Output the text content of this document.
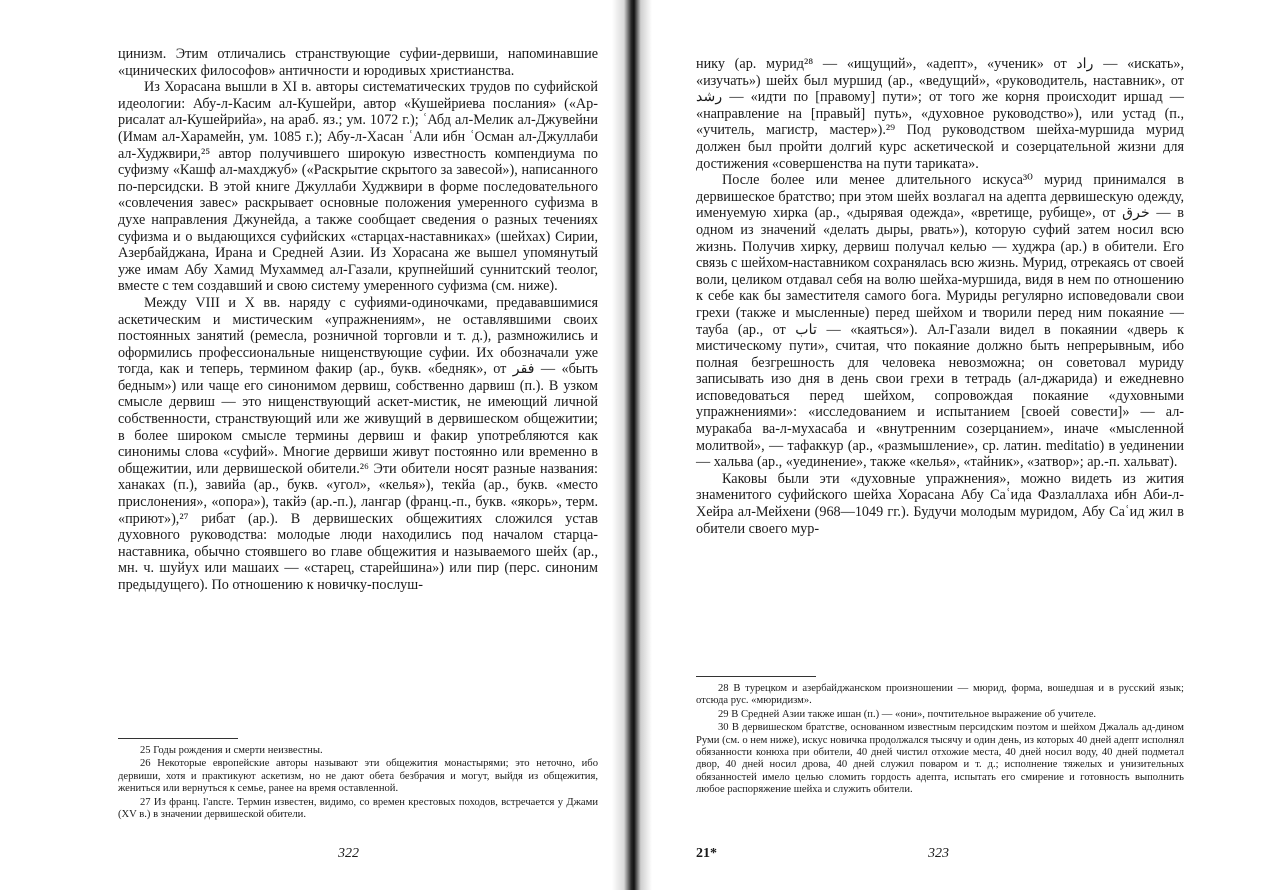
цинизм. Этим отличались странствующие суфии-дервиши, напоминавшие «цинических философов» античности и юродивых христианства.

Из Хорасана вышли в XI в. авторы систематических трудов по суфийской идеологии: Абу-л-Касим ал-Кушейри, автор «Кушейриева послания» («Ар-рисалат ал-Кушейрийа», на араб. яз.; ум. 1072 г.); ʿАбд ал-Мелик ал-Джувейни (Имам ал-Харамейн, ум. 1085 г.); Абу-л-Хасан ʿАли ибн ʿОсман ал-Джуллаби ал-Худжвири,²⁵ автор получившего широкую известность компендиума по суфизму «Кашф ал-махджуб» («Раскрытие скрытого за завесой»), написанного по-персидски. В этой книге Джуллаби Худжвири в форме последовательного «совлечения завес» раскрывает основные положения умеренного суфизма в духе направления Джунейда, а также сообщает сведения о разных течениях суфизма и о выдающихся суфийских «старцах-наставниках» (шейхах) Сирии, Азербайджана, Ирана и Средней Азии. Из Хорасана же вышел упомянутый уже имам Абу Хамид Мухаммед ал-Газали, крупнейший суннитский теолог, вместе с тем создавший и свою систему умеренного суфизма (см. ниже).

Между VIII и X вв. наряду с суфиями-одиночками, предававшимися аскетическим и мистическим «упражнениям», не оставлявшими своих постоянных занятий (ремесла, розничной торговли и т. д.), размножились и оформились профессиональные нищенствующие суфии. Их обозначали уже тогда, как и теперь, термином факир (ар., букв. «бедняк», от فقر — «быть бедным») или чаще его синонимом дервиш, собственно дарвиш (п.). В узком смысле дервиш — это нищенствующий аскет-мистик, не имеющий личной собственности, странствующий или же живущий в дервишеском общежитии; в более широком смысле термины дервиш и факир употребляются как синонимы слова «суфий». Многие дервиши живут постоянно или временно в общежитии, или дервишеской обители.²⁶ Эти обители носят разные названия: ханаках (п.), завийа (ар., букв. «угол», «келья»), текйа (ар., букв. «место прислонения», «опора»), такйэ (ар.-п.), лангар (франц.-п., букв. «якорь», терм. «приют»),²⁷ рибат (ар.). В дервишеских общежитиях сложился устав духовного руководства: молодые люди находились под началом старца-наставника, обычно стоявшего во главе общежития и называемого шейх (ар., мн. ч. шуйух или машаих — «старец, старейшина») или пир (перс. синоним предыдущего). По отношению к новичку-послуш-

25 Годы рождения и смерти неизвестны.

26 Некоторые европейские авторы называют эти общежития монастырями; это неточно, ибо дервиши, хотя и практикуют аскетизм, но не дают обета безбрачия и могут, выйдя из общежития, жениться или вернуться к семье, ранее на время оставленной.

27 Из франц. l'ancre. Термин известен, видимо, со времен крестовых походов, встречается у Джами (XV в.) в значении дервишеской обители.

322

нику (ар. мурид²⁸ — «ищущий», «адепт», «ученик» от راد — «искать», «изучать») шейх был муршид (ар., «ведущий», «руководитель, наставник», от رشد — «идти по [правому] пути»; от того же корня происходит иршад — «направление на [правый] путь», «духовное руководство»), или устад (п., «учитель, магистр, мастер»).²⁹ Под руководством шейха-муршида мурид должен был пройти долгий курс аскетической и созерцательной жизни для достижения «совершенства на пути тариката».

После более или менее длительного искуса³⁰ мурид принимался в дервишеское братство; при этом шейх возлагал на адепта дервишескую одежду, именуемую хирка (ар., «дырявая одежда», «вретище, рубище», от خرق — в одном из значений «делать дыры, рвать»), которую суфий затем носил всю жизнь. Получив хирку, дервиш получал келью — худжра (ар.) в обители. Его связь с шейхом-наставником сохранялась всю жизнь. Мурид, отрекаясь от своей воли, целиком отдавал себя на волю шейха-муршида, видя в нем по отношению к себе как бы заместителя самого бога. Муриды регулярно исповедовали свои грехи (также и мысленные) перед шейхом и творили перед ним покаяние — тауба (ар., от تاب — «каяться»). Ал-Газали видел в покаянии «дверь к мистическому пути», считая, что покаяние должно быть непрерывным, ибо полная безгрешность для человека невозможна; он советовал муриду записывать изо дня в день свои грехи в тетрадь (ал-джарида) и ежедневно исповедоваться перед шейхом, сопровождая покаяние «духовными упражнениями»: «исследованием и испытанием [своей совести]» — ал-муракаба ва-л-мухасаба и «внутренним созерцанием», иначе «мысленной молитвой», — тафаккур (ар., «размышление», ср. латин. meditatio) в уединении — хальва (ар., «уединение», также «келья», «тайник», «затвор»; ар.-п. хальват).

Каковы были эти «духовные упражнения», можно видеть из жития знаменитого суфийского шейха Хорасана Абу Саʿида Фазлаллаха ибн Аби-л-Хейра ал-Мейхени (968—1049 гг.). Будучи молодым муридом, Абу Саʿид жил в обители своего мур-

28 В турецком и азербайджанском произношении — мюрид, форма, вошедшая и в русский язык; отсюда рус. «мюридизм».

29 В Средней Азии также ишан (п.) — «они», почтительное выражение об учителе.

30 В дервишеском братстве, основанном известным персидским поэтом и шейхом Джалаль ад-дином Руми (см. о нем ниже), искус новичка продолжался тысячу и один день, из которых 40 дней адепт исполнял обязанности конюха при обители, 40 дней чистил отхожие места, 40 дней носил воду, 40 дней подметал двор, 40 дней носил дрова, 40 дней служил поваром и т. д.; исполнение тяжелых и унизительных обязанностей имело целью сломить гордость адепта, испытать его смирение и готовность выполнить любое распоряжение шейха и служить обители.

21*	323
